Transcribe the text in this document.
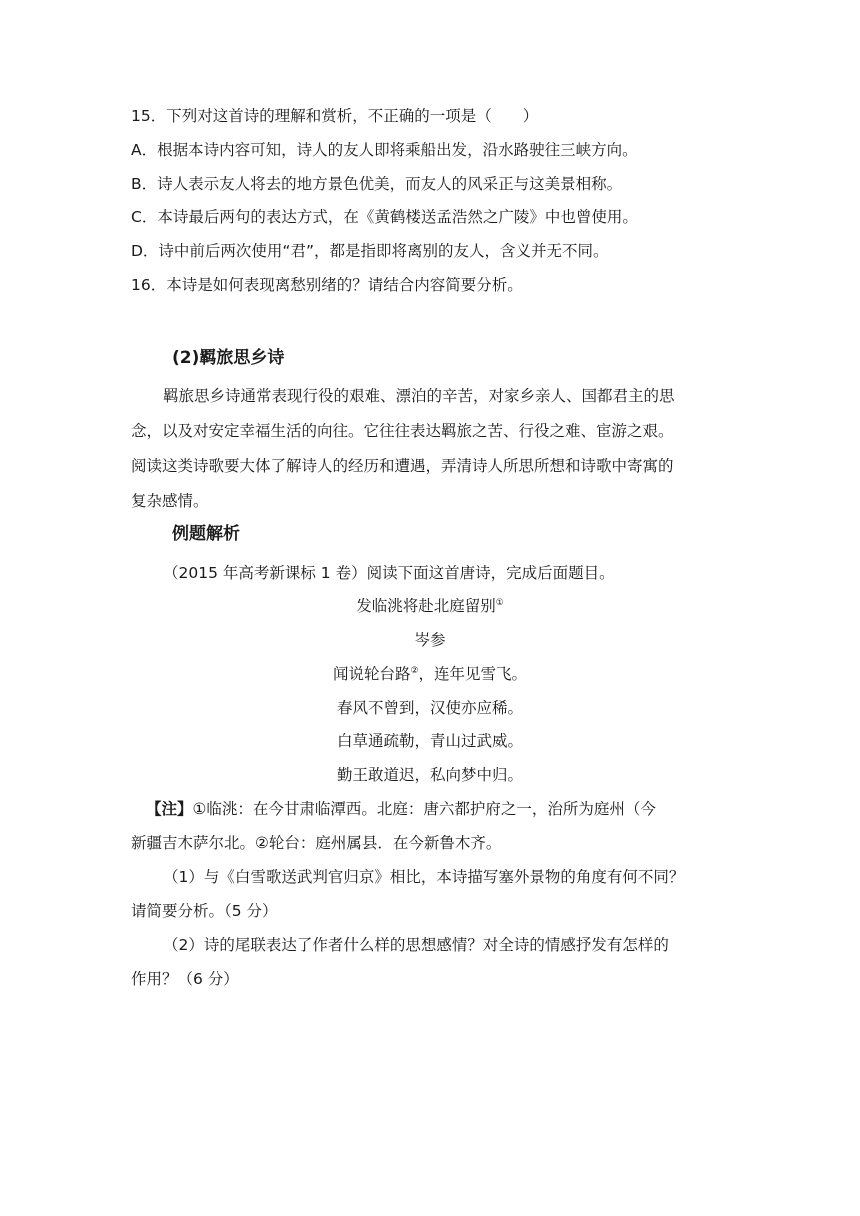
15．下列对这首诗的理解和赏析，不正确的一项是（　　）
A．根据本诗内容可知，诗人的友人即将乘船出发，沿水路驶往三峡方向。
B．诗人表示友人将去的地方景色优美，而友人的风采正与这美景相称。
C．本诗最后两句的表达方式，在《黄鹤楼送孟浩然之广陵》中也曾使用。
D．诗中前后两次使用“君”，都是指即将离别的友人，含义并无不同。
16．本诗是如何表现离愁别绪的？请结合内容简要分析。
(2)羁旅思乡诗
羁旅思乡诗通常表现行役的艰难、漂泊的辛苦，对家乡亲人、国都君主的思
念，以及对安定幸福生活的向往。它往往表达羁旅之苦、行役之难、宦游之艰。
阅读这类诗歌要大体了解诗人的经历和遭遇，弄清诗人所思所想和诗歌中寄寓的
复杂感情。
例题解析
（2015 年高考新课标 1 卷）阅读下面这首唐诗，完成后面题目。
发临洮将赴北庭留别①
岑参
闻说轮台路②，连年见雪飞。
春风不曾到，汉使亦应稀。
白草通疏勒，青山过武威。
勤王敢道迟，私向梦中归。
【注】①临洮：在今甘肃临潭西。北庭：唐六都护府之一，治所为庭州（今
新疆吉木萨尔北。②轮台：庭州属县．在今新鲁木齐。
（1）与《白雪歌送武判官归京》相比，本诗描写塞外景物的角度有何不同？
请简要分析。（5 分）
（2）诗的尾联表达了作者什么样的思想感情？对全诗的情感抒发有怎样的
作用？（6 分）
